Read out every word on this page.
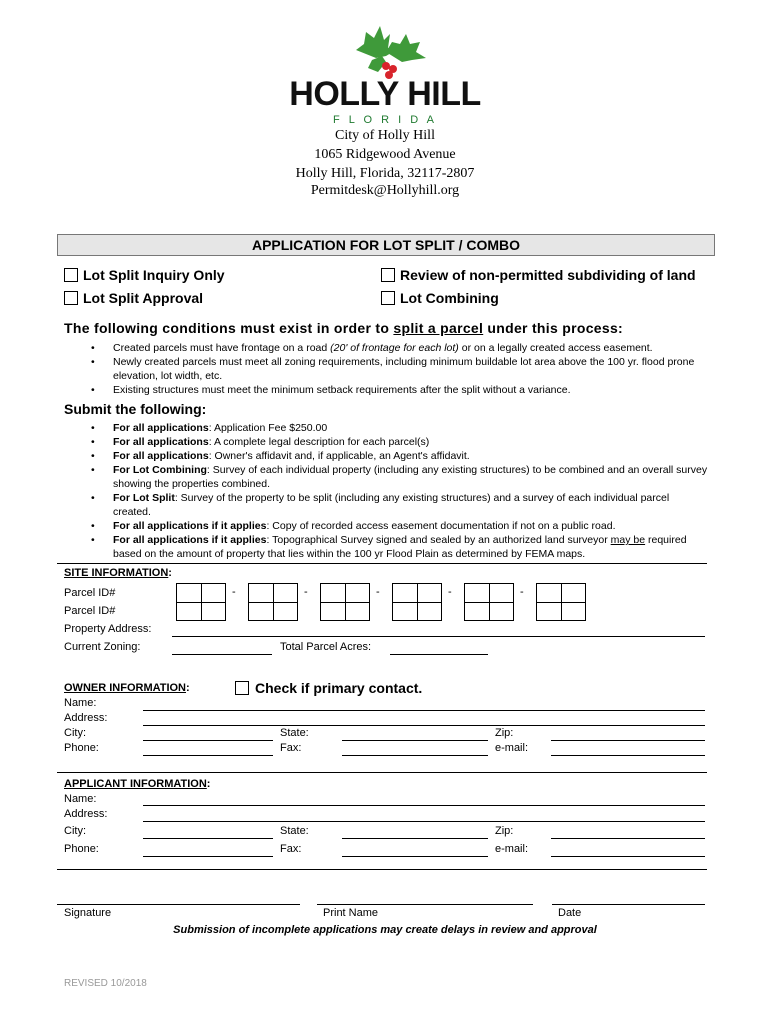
HOLLY HILL
F L O R I D A
City of Holly Hill
1065 Ridgewood Avenue
Holly Hill, Florida, 32117-2807
Permitdesk@Hollyhill.org
APPLICATION FOR LOT SPLIT / COMBO
Lot Split Inquiry Only	Review of non-permitted subdividing of land
Lot Split Approval	Lot Combining
The following conditions must exist in order to split a parcel under this process:
• Created parcels must have frontage on a road (20' of frontage for each lot) or on a legally created access easement.
• Newly created parcels must meet all zoning requirements, including minimum buildable lot area above the 100 yr. flood prone elevation, lot width, etc.
• Existing structures must meet the minimum setback requirements after the split without a variance.
Submit the following:
• For all applications: Application Fee $250.00
• For all applications: A complete legal description for each parcel(s)
• For all applications: Owner's affidavit and, if applicable, an Agent's affidavit.
• For Lot Combining: Survey of each individual property (including any existing structures) to be combined and an overall survey showing the properties combined.
• For Lot Split: Survey of the property to be split (including any existing structures) and a survey of each individual parcel created.
• For all applications if it applies: Copy of recorded access easement documentation if not on a public road.
• For all applications if it applies: Topographical Survey signed and sealed by an authorized land surveyor may be required based on the amount of property that lies within the 100 yr Flood Plain as determined by FEMA maps.
SITE INFORMATION:
Parcel ID#
Parcel ID#
-	-	-	-	-
Property Address:
Current Zoning:	Total Parcel Acres:
OWNER INFORMATION:	Check if primary contact.
Name:
Address:
City:	State:	Zip:
Phone:	Fax:	e-mail:
APPLICANT INFORMATION:
Name:
Address:
City:	State:	Zip:
Phone:	Fax:	e-mail:
Signature	Print Name	Date
Submission of incomplete applications may create delays in review and approval
REVISED 10/2018
